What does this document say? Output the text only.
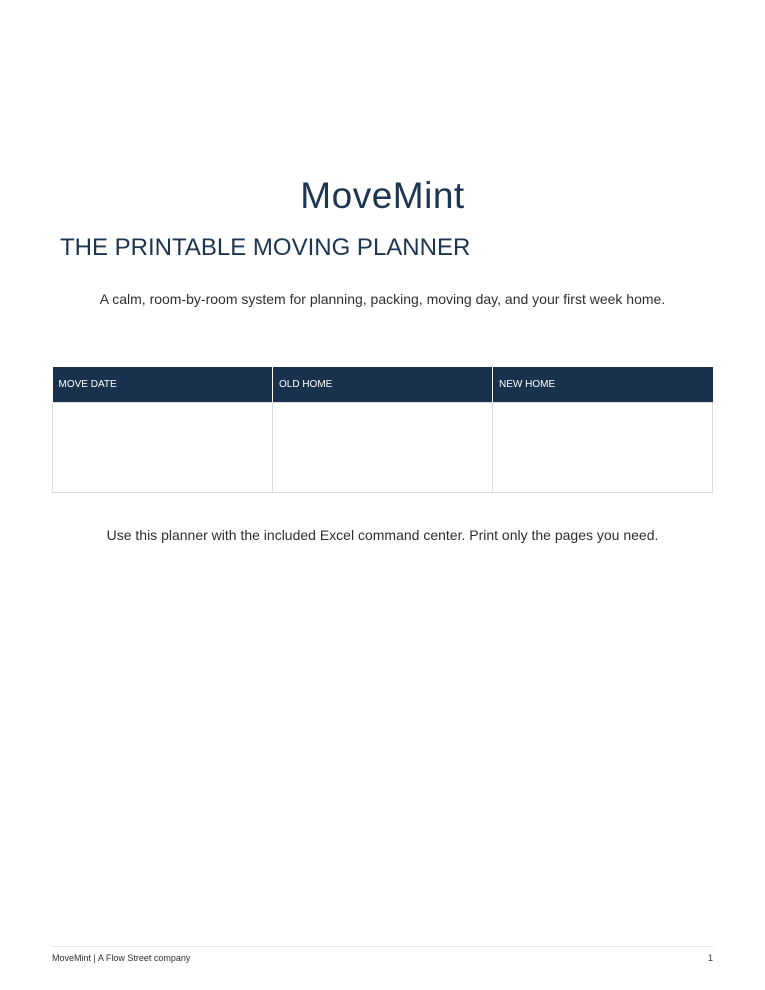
MoveMint
THE PRINTABLE MOVING PLANNER

A calm, room-by-room system for planning, packing, moving day, and your first week home.

MOVE DATE	OLD HOME	NEW HOME

Use this planner with the included Excel command center. Print only the pages you need.

MoveMint | A Flow Street company	1
